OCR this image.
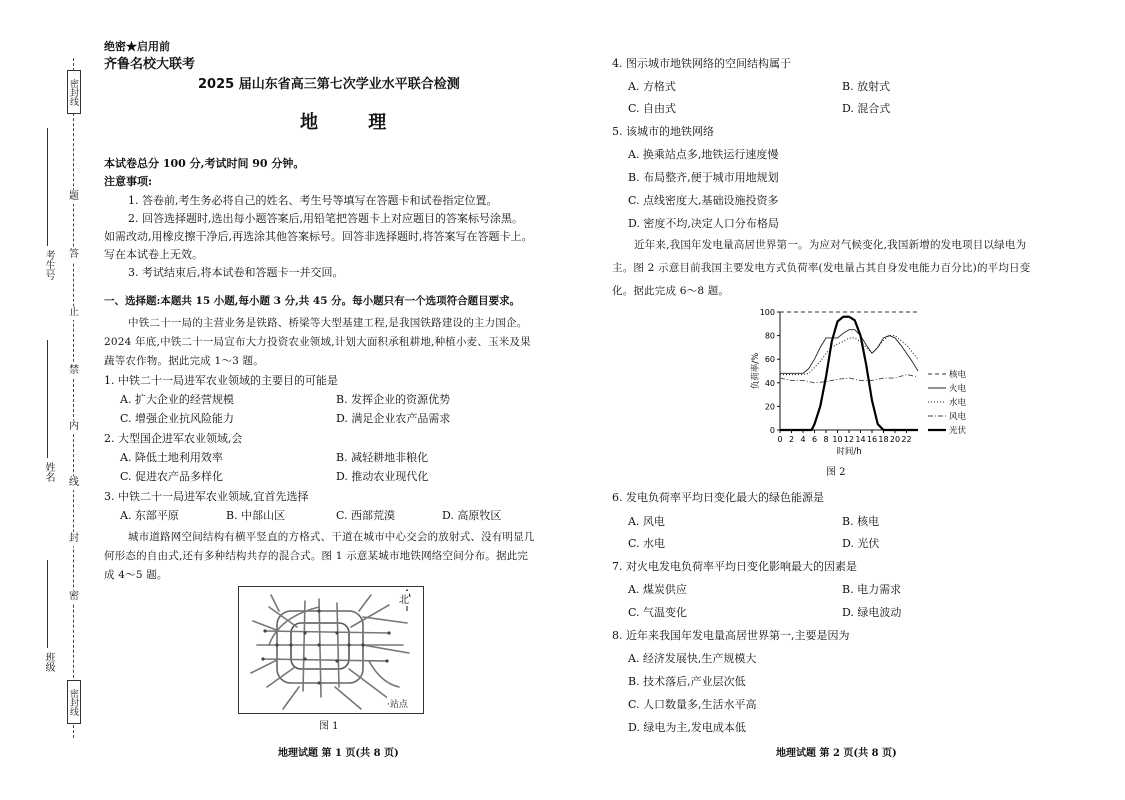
密封线
密封线
题
答
止
禁
内
线
封
密
考生号
姓名
班级
绝密★启用前
齐鲁名校大联考
2025 届山东省高三第七次学业水平联合检测
地 理
本试卷总分 100 分,考试时间 90 分钟。
注意事项:
1. 答卷前,考生务必将自己的姓名、考生号等填写在答题卡和试卷指定位置。
2. 回答选择题时,选出每小题答案后,用铅笔把答题卡上对应题目的答案标号涂黑。
如需改动,用橡皮擦干净后,再选涂其他答案标号。回答非选择题时,将答案写在答题卡上。
写在本试卷上无效。
3. 考试结束后,将本试卷和答题卡一并交回。
一、选择题:本题共 15 小题,每小题 3 分,共 45 分。每小题只有一个选项符合题目要求。
中铁二十一局的主营业务是铁路、桥梁等大型基建工程,是我国铁路建设的主力国企。
2024 年底,中铁二十一局宣布大力投资农业领域,计划大面积承租耕地,种植小麦、玉米及果
蔬等农作物。据此完成 1～3 题。
1. 中铁二十一局进军农业领域的主要目的可能是
A. 扩大企业的经营规模	B. 发挥企业的资源优势
C. 增强企业抗风险能力	D. 满足企业农产品需求
2. 大型国企进军农业领域,会
A. 降低土地利用效率	B. 减轻耕地非粮化
C. 促进农产品多样化	D. 推动农业现代化
3. 中铁二十一局进军农业领域,宜首先选择
A. 东部平原	B. 中部山区	C. 西部荒漠	D. 高原牧区
城市道路网空间结构有横平竖直的方格式、干道在城市中心交会的放射式、没有明显几
何形态的自由式,还有多种结构共存的混合式。图 1 示意某城市地铁网络空间分布。据此完
成 4～5 题。
北
·站点
图 1
地理试题 第 1 页(共 8 页)
4. 图示城市地铁网络的空间结构属于
A. 方格式	B. 放射式
C. 自由式	D. 混合式
5. 该城市的地铁网络
A. 换乘站点多,地铁运行速度慢
B. 布局整齐,便于城市用地规划
C. 点线密度大,基础设施投资多
D. 密度不均,决定人口分布格局
近年来,我国年发电量高居世界第一。为应对气候变化,我国新增的发电项目以绿电为
主。图 2 示意目前我国主要发电方式负荷率(发电量占其自身发电能力百分比)的平均日变
化。据此完成 6～8 题。
0
20
40
60
80
100
0 2 4 6 8 10 12 14 16 18 20 22
时间/h
负荷率/%	核电
火电
水电
风电
光伏
图 2
6. 发电负荷率平均日变化最大的绿色能源是
A. 风电	B. 核电
C. 水电	D. 光伏
7. 对火电发电负荷率平均日变化影响最大的因素是
A. 煤炭供应	B. 电力需求
C. 气温变化	D. 绿电波动
8. 近年来我国年发电量高居世界第一,主要是因为
A. 经济发展快,生产规模大
B. 技术落后,产业层次低
C. 人口数量多,生活水平高
D. 绿电为主,发电成本低
地理试题 第 2 页(共 8 页)
